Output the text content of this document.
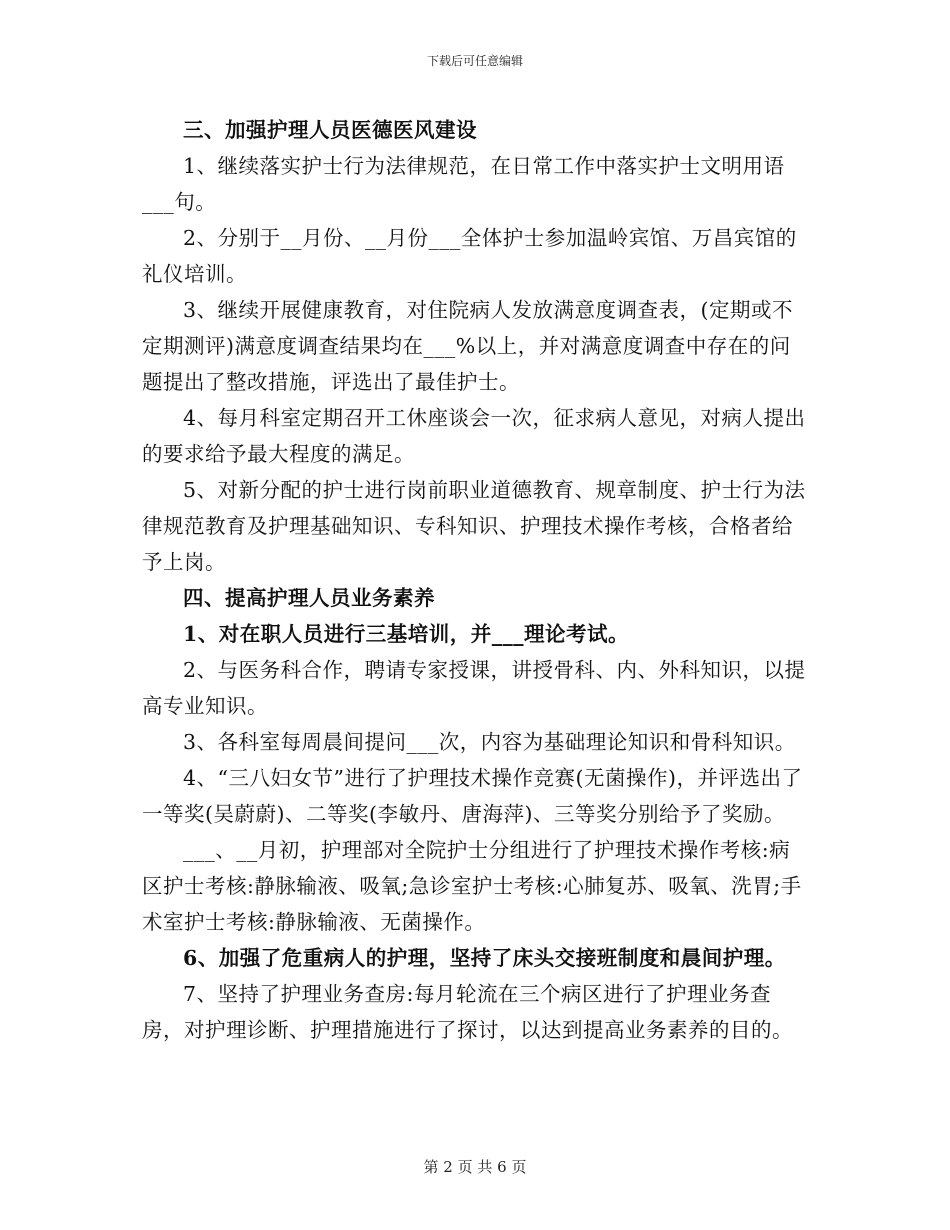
下载后可任意编辑

三、加强护理人员医德医风建设

1、继续落实护士行为法律规范，在日常工作中落实护士文明用语___句。

2、分别于__月份、__月份___全体护士参加温岭宾馆、万昌宾馆的礼仪培训。

3、继续开展健康教育，对住院病人发放满意度调查表，(定期或不定期测评)满意度调查结果均在___%以上，并对满意度调查中存在的问题提出了整改措施，评选出了最佳护士。

4、每月科室定期召开工休座谈会一次，征求病人意见，对病人提出的要求给予最大程度的满足。

5、对新分配的护士进行岗前职业道德教育、规章制度、护士行为法律规范教育及护理基础知识、专科知识、护理技术操作考核，合格者给予上岗。

四、提高护理人员业务素养

1、对在职人员进行三基培训，并___理论考试。

2、与医务科合作，聘请专家授课，讲授骨科、内、外科知识，以提高专业知识。

3、各科室每周晨间提问___次，内容为基础理论知识和骨科知识。

4、“三八妇女节”进行了护理技术操作竞赛(无菌操作)，并评选出了一等奖(吴蔚蔚)、二等奖(李敏丹、唐海萍)、三等奖分别给予了奖励。

___、__月初，护理部对全院护士分组进行了护理技术操作考核:病区护士考核:静脉输液、吸氧;急诊室护士考核:心肺复苏、吸氧、洗胃;手术室护士考核:静脉输液、无菌操作。

6、加强了危重病人的护理，坚持了床头交接班制度和晨间护理。

7、坚持了护理业务查房:每月轮流在三个病区进行了护理业务查房，对护理诊断、护理措施进行了探讨，以达到提高业务素养的目的。

第 2 页 共 6 页
